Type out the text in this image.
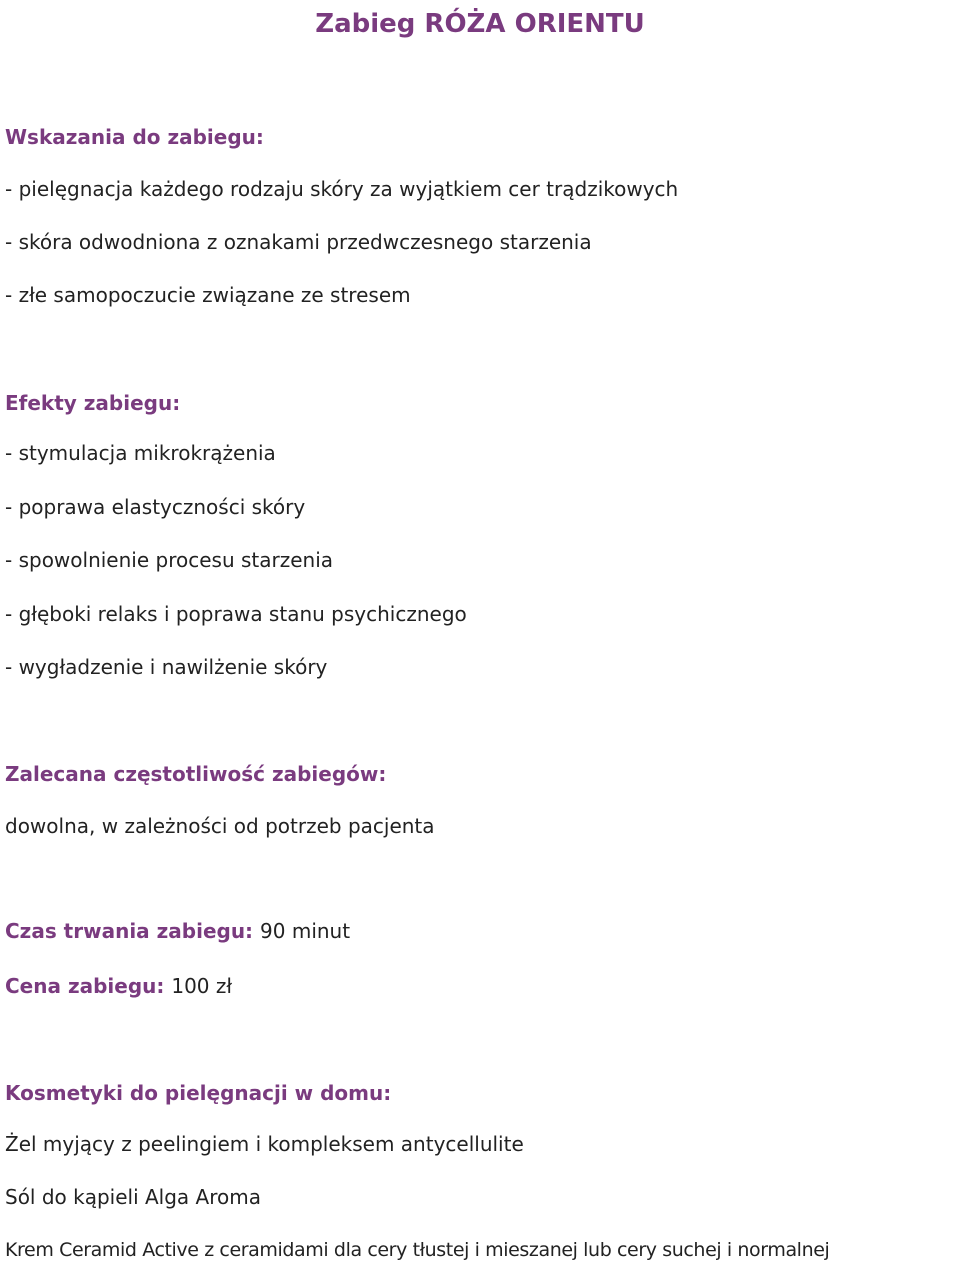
Zabieg RÓŻA ORIENTU

Wskazania do zabiegu:

- pielęgnacja każdego rodzaju skóry za wyjątkiem cer trądzikowych

- skóra odwodniona z oznakami przedwczesnego starzenia

- złe samopoczucie związane ze stresem

Efekty zabiegu:

- stymulacja mikrokrążenia

- poprawa elastyczności skóry

- spowolnienie procesu starzenia

- głęboki relaks i poprawa stanu psychicznego

- wygładzenie i nawilżenie skóry

Zalecana częstotliwość zabiegów:

dowolna, w zależności od potrzeb pacjenta

Czas trwania zabiegu: 90 minut

Cena zabiegu: 100 zł

Kosmetyki do pielęgnacji w domu:

Żel myjący z peelingiem i kompleksem antycellulite

Sól do kąpieli Alga Aroma

Krem Ceramid Active z ceramidami dla cery tłustej i mieszanej lub cery suchej i normalnej
